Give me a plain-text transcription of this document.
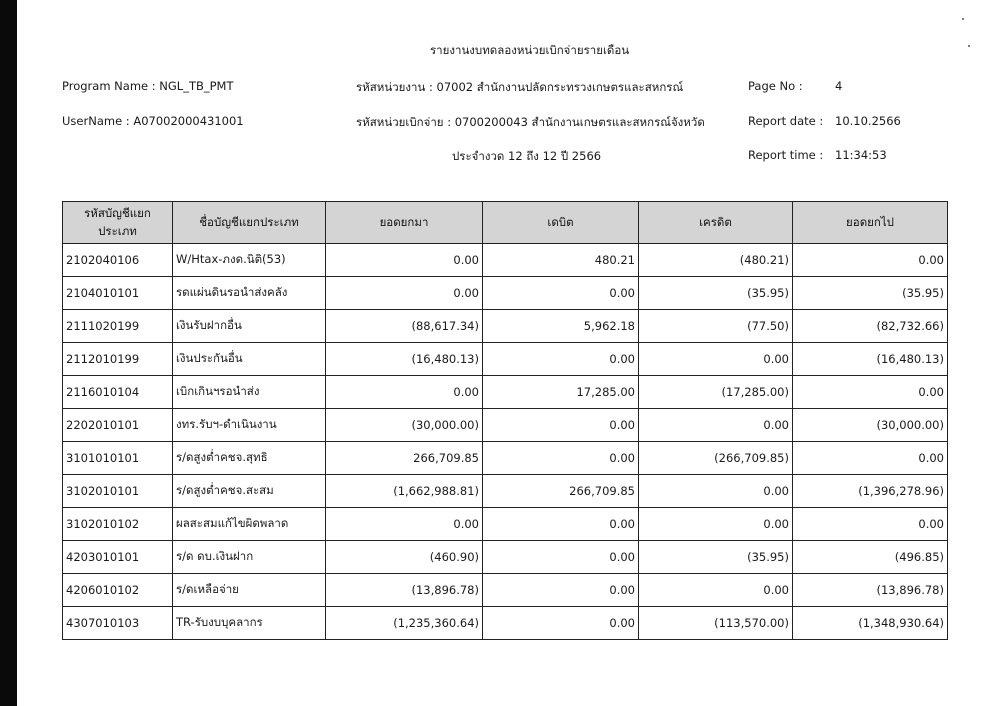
รายงานงบทดลองหน่วยเบิกจ่ายรายเดือน
Program Name : NGL_TB_PMT
UserName : A07002000431001
รหัสหน่วยงาน : 07002 สำนักงานปลัดกระทรวงเกษตรและสหกรณ์
รหัสหน่วยเบิกจ่าย : 0700200043 สำนักงานเกษตรและสหกรณ์จังหวัด
ประจำงวด 12 ถึง 12 ปี 2566
Page No :	4
Report date : 10.10.2566
Report time : 11:34:53
รหัสบัญชีแยกประเภท	ชื่อบัญชีแยกประเภท	ยอดยกมา	เดบิต	เครดิต	ยอดยกไป
2102040106	W/Htax-ภงด.นิติ(53)	0.00	480.21	(480.21)	0.00
2104010101	รดแผ่นดินรอนำส่งคลัง	0.00	0.00	(35.95)	(35.95)
2111020199	เงินรับฝากอื่น	(88,617.34)	5,962.18	(77.50)	(82,732.66)
2112010199	เงินประกันอื่น	(16,480.13)	0.00	0.00	(16,480.13)
2116010104	เบิกเกินฯรอนำส่ง	0.00	17,285.00	(17,285.00)	0.00
2202010101	งทร.รับฯ-ดำเนินงาน	(30,000.00)	0.00	0.00	(30,000.00)
3101010101	ร/ดสูงต่ำคชจ.สุทธิ	266,709.85	0.00	(266,709.85)	0.00
3102010101	ร/ดสูงต่ำคชจ.สะสม	(1,662,988.81)	266,709.85	0.00	(1,396,278.96)
3102010102	ผลสะสมแก้ไขผิดพลาด	0.00	0.00	0.00	0.00
4203010101	ร/ด ดบ.เงินฝาก	(460.90)	0.00	(35.95)	(496.85)
4206010102	ร/ดเหลือจ่าย	(13,896.78)	0.00	0.00	(13,896.78)
4307010103	TR-รับงบบุคลากร	(1,235,360.64)	0.00	(113,570.00)	(1,348,930.64)
